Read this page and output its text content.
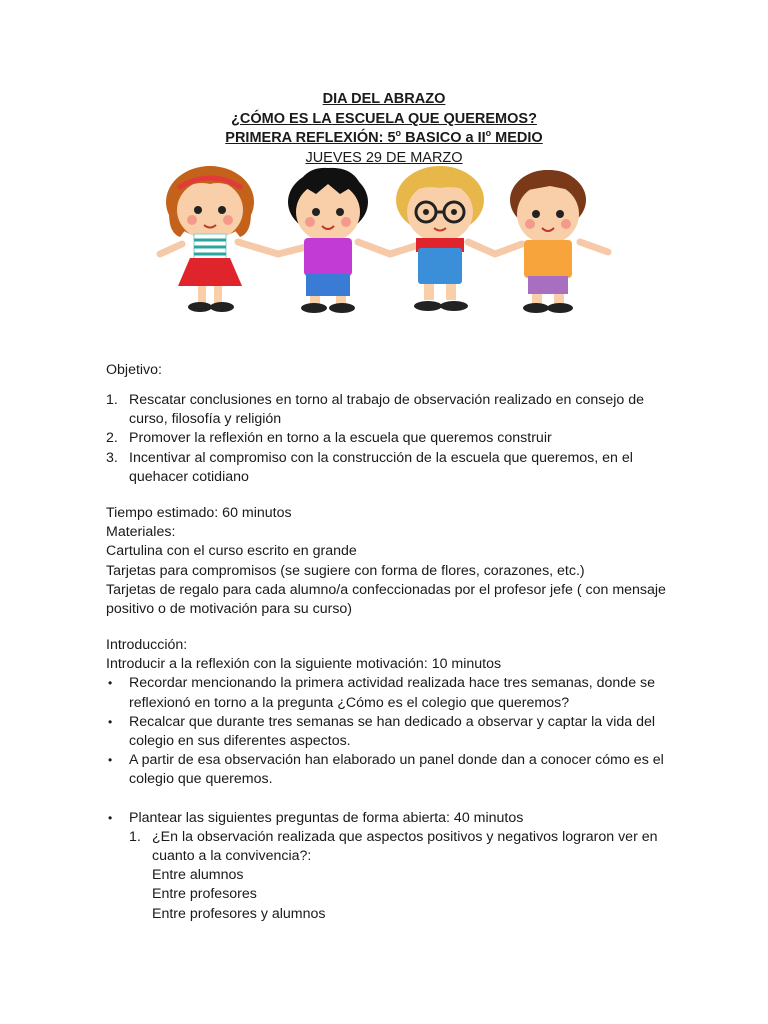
DIA DEL ABRAZO
¿CÓMO ES LA ESCUELA QUE QUEREMOS?
PRIMERA REFLEXIÓN: 5$^o$ BASICO a $II^o$ MEDIO
JUEVES 29 DE MARZO
Objetivo:
1. Rescatar conclusiones en torno al trabajo de observación realizado en consejo de
curso, filosofía y religión
2. Promover la reflexión en torno a la escuela que queremos construir
3. Incentivar al compromiso con la construcción de la escuela que queremos, en el
quehacer cotidiano
Tiempo estimado: 60 minutos
Materiales:
Cartulina con el curso escrito en grande
Tarjetas para compromisos (se sugiere con forma de flores, corazones, etc.)
Tarjetas de regalo para cada alumno/a confeccionadas por el profesor jefe ( con mensaje
positivo o de motivación para su curso)
Introducción:
Introducir a la reflexión con la siguiente motivación: 10 minutos
• Recordar mencionando la primera actividad realizada hace tres semanas, donde se
reflexionó en torno a la pregunta ¿Cómo es el colegio que queremos?
• Recalcar que durante tres semanas se han dedicado a observar y captar la vida del
colegio en sus diferentes aspectos.
• A partir de esa observación han elaborado un panel donde dan a conocer cómo es el
colegio que queremos.
• Plantear las siguientes preguntas de forma abierta: 40 minutos
1. ¿En la observación realizada que aspectos positivos y negativos lograron ver en
cuanto a la convivencia?:
Entre alumnos
Entre profesores
Entre profesores y alumnos
